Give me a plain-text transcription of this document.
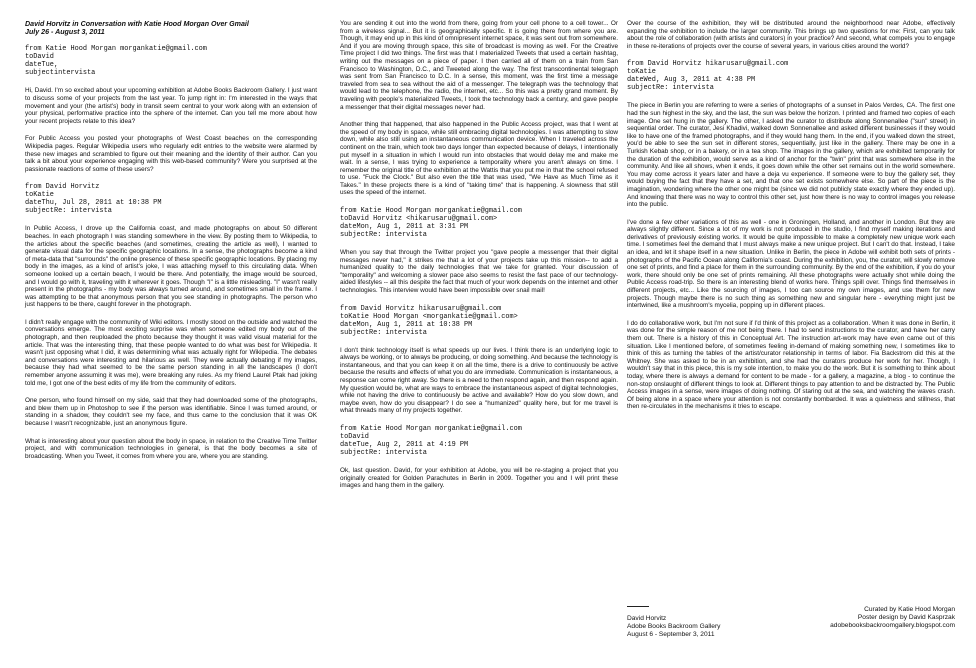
David Horvitz in Conversation with Katie Hood Morgan Over Gmail
July 26 - August 3, 2011
from Katie Hood Morgan morgankatie@gmail.com
toDavid
dateTue,
subjectintervista
Hi, David. I'm so excited about your upcoming exhibition at Adobe Books Backroom Gallery. I just want to discuss some of your projects from the last year. To jump right in: I'm interested in the ways that movement and your (the artist's) body in transit seem central to your work along with an extension of your physical, performative practice into the sphere of the internet. Can you tell me more about how your recent projects relate to this idea?
For Public Access you posted your photographs of West Coast beaches on the corresponding Wikipedia pages. Regular Wikipedia users who regularly edit entries to the website were alarmed by these new images and scrambled to figure out their meaning and the identity of their author. Can you talk a bit about your experience engaging with this web-based community? Were you surprised at the passionate reactions of some of these users?
from David Horvitz
toKatie
dateThu, Jul 28, 2011 at 10:38 PM
subjectRe: intervista
In Public Access, I drove up the California coast, and made photographs on about 50 different beaches. In each photograph I was standing somewhere in the view. By posting them to Wikipedia, to the articles about the specific beaches (and sometimes, creating the article as well), I wanted to generate visual data for the specific geographic locations. In a sense, the photographs become a kind of meta-data that "surrounds" the online presence of these specific geographic locations. By placing my body in the images, as a kind of artist's joke, I was attaching myself to this circulating data. When someone looked up a certain beach, I would be there. And potentially, the image would be sourced, and I would go with it, traveling with it wherever it goes. Though "I" is a little misleading. "I" wasn't really present in the photographs - my body was always turned around, and sometimes small in the frame. I was attempting to be that anonymous person that you see standing in photographs. The person who just happens to be there, caught forever in the photograph.
I didn't really engage with the community of Wiki editors. I mostly stood on the outside and watched the conversations emerge. The most exciting surprise was when someone edited my body out of the photograph, and then reuploaded the photo because they thought it was valid visual material for the article. That was the interesting thing, that these people wanted to do what was best for Wikipedia. It wasn't just opposing what I did, it was determining what was actually right for Wikipedia. The debates and conversations were interesting and hilarious as well. They were actually debating if my images, because they had what seemed to be the same person standing in all the landscapes (I don't remember anyone assuming it was me), were breaking any rules. As my friend Laurel Ptak had joking told me, I got one of the best edits of my life from the community of editors.
One person, who found himself on my side, said that they had downloaded some of the photographs, and blew them up in Photoshop to see if the person was identifiable. Since I was turned around, or standing in a shadow, they couldn't see my face, and thus came to the conclusion that it was OK because I wasn't recognizable, just an anonymous figure.
What is interesting about your question about the body in space, in relation to the Creative Time Twitter project, and with communication technologies in general, is that the body becomes a site of broadcasting. When you Tweet, it comes from where you are, where you are standing.
You are sending it out into the world from there, going from your cell phone to a cell tower... Or from a wireless signal... But it is geographically specific. It is going there from where you are. Though, it may end up in this kind of omnipresent internet space, it was sent out from somewhere. And if you are moving through space, this site of broadcast is moving as well. For the Creative Time project I did two things. The first was that I materialized Tweets that used a certain hashtag, writing out the messages on a piece of paper. I then carried all of them on a train from San Francisco to Washington, D.C., and Tweeted along the way. The first transcontinental telegraph was sent from San Francisco to D.C. In a sense, this moment, was the first time a message traveled from sea to sea without the aid of a messenger. The telegraph was the technology that would lead to the telephone, the radio, the internet, etc... So this was a pretty grand moment. By traveling with people's materialized Tweets, I took the technology back a century, and gave people a messenger that their digital messages never had.
Another thing that happened, that also happened in the Public Access project, was that I went at the speed of my body in space, while still embracing digital technologies. I was attempting to slow down, while also still using an instantaneous communication device. When I traveled across the continent on the train, which took two days longer than expected because of delays, I intentionally put myself in a situation in which I would run into obstacles that would delay me and make me wait. In a sense, I was trying to experience a temporality where you aren't always on time. I remember the original title of the exhibition at the Wattis that you put me in that the school refused to use. "Fuck the Clock." But also even the title that was used, "We Have as Much Time as it Takes." In these projects there is a kind of "taking time" that is happening. A slowness that still uses the speed of the internet.
from Katie Hood Morgan morgankatie@gmail.com
toDavid Horvitz <hikarusaru@gmail.com>
dateMon, Aug 1, 2011 at 3:31 PM
subjectRe: intervista
When you say that through the Twitter project you "gave people a messenger that their digital messages never had," it strikes me that a lot of your projects take up this mission-- to add a humanized quality to the daily technologies that we take for granted. Your discussion of "temporality" and welcoming a slower pace also seems to resist the fast pace of our technology-aided lifestyles -- all this despite the fact that much of your work depends on the internet and other technologies. This interview would have been impossible over snail mail!
from David Horvitz hikarusaru@gmail.com
toKatie Hood Morgan <morgankatie@gmail.com>
dateMon, Aug 1, 2011 at 10:38 PM
subjectRe: intervista
I don't think technology itself is what speeds up our lives. I think there is an underlying logic to always be working, or to always be producing, or doing something. And because the technology is instantaneous, and that you can keep it on all the time, there is a drive to continuously be active because the results and effects of what you do are immediate. Communication is instantaneous, a response can come right away. So there is a need to then respond again, and then respond again. My question would be, what are ways to embrace the instantaneous aspect of digital technologies, while not having the drive to continuously be active and available? How do you slow down, and maybe even, how do you disappear? I do see a "humanized" quality here, but for me travel is what threads many of my projects together.
from Katie Hood Morgan morgankatie@gmail.com
toDavid
dateTue, Aug 2, 2011 at 4:19 PM
subjectRe: intervista
Ok, last question. David, for your exhibition at Adobe, you will be re-staging a project that you originally created for Golden Parachutes in Berlin in 2009. Together you and I will print these images and hang them in the gallery.
Over the course of the exhibition, they will be distributed around the neighborhood near Adobe, effectively expanding the exhibition to include the larger community. This brings up two questions for me: First, can you talk about the role of collaboration (with artists and curators) in your practice? And second, what compels you to engage in these re-iterations of projects over the course of several years, in various cities around the world?
from David Horvitz hikarusaru@gmail.com
toKatie
dateWed, Aug 3, 2011 at 4:38 PM
subjectRe: intervista
The piece in Berlin you are referring to were a series of photographs of a sunset in Palos Verdes, CA. The first one had the sun highest in the sky, and the last, the sun was below the horizon. I printed and framed two copies of each image. One set hung in the gallery. The other, I asked the curator to distribute along Sonnenallee ("sun" street) in sequential order. The curator, Jesi Khadivi, walked down Sonnenallee and asked different businesses if they would like to have one of the framed photographs, and if they would hang them. In the end, if you walked down the street, you'd be able to see the sun set in different stores, sequentially, just like in the gallery. There may be one in a Turkish Kebab shop, or in a bakery, or in a tea shop. The images in the gallery, which are exhibited temporarily for the duration of the exhibition, would serve as a kind of anchor for the "twin" print that was somewhere else in the community. And like all shows, when it ends, it goes down while the other set remains out in the world somewhere. You may come across it years later and have a deja vu experience. If someone were to buy the gallery set, they would buying the fact that they have a set, and that one set exists somewhere else. So part of the piece is the imagination, wondering where the other one might be (since we did not publicly state exactly where they ended up). And knowing that there was no way to control this other set, just how there is no way to control images you release into the public.
I've done a few other variations of this as well - one in Groningen, Holland, and another in London. But they are always slightly different. Since a lot of my work is not produced in the studio, I find myself making iterations and derivatives of previously existing works. It would be quite impossible to make a completely new unique work each time. I sometimes feel the demand that I must always make a new unique project. But I can't do that. Instead, I take an idea, and let it shape itself in a new situation. Unlike in Berlin, the piece in Adobe will exhibit both sets of prints - photographs of the Pacific Ocean along California's coast. During the exhibition, you, the curator, will slowly remove one set of prints, and find a place for them in the surrounding community. By the end of the exhibition, if you do your work, there should only be one set of prints remaining. All these photographs were actually shot while doing the Public Access road-trip. So there is an interesting blend of works here. Things spill over. Things find themselves in different projects, etc... Like the sourcing of images, I too can source my own images, and use them for new projects. Though maybe there is no such thing as something new and singular here - everything might just be intertwined, like a mushroom's mycelia, popping up in different places.
I do do collaborative work, but I'm not sure if I'd think of this project as a collaboration. When it was done in Berlin, it was done for the simple reason of me not being there. I had to send instructions to the curator, and have her carry them out. There is a history of this in Conceptual Art. The instruction art-work may have even came out of this situation. Like I mentioned before, of sometimes feeling in-demand of making something new, I sometimes like to think of this as turning the tables of the artist/curator relationship in terms of labor. Fia Backstrom did this at the Whitney. She was asked to be in an exhibition, and she had the curators produce her work for her. Though, I wouldn't say that in this piece, this is my sole intention, to make you do the work. But it is something to think about today, where there is always a demand for content to be made - for a gallery, a magazine, a blog - to continue the non-stop onslaught of different things to look at. Different things to pay attention to and be distracted by. The Public Access images in a sense, were images of doing nothing. Of staring out at the sea, and watching the waves crash. Of being alone in a space where your attention is not constantly bombarded. It was a quietness and stillness, that then re-circulates in the mechanisms it tries to escape.
David Horvitz
Adobe Books Backroom Gallery
August 6 - September 3, 2011
Curated by Katie Hood Morgan
Poster design by David Kasprzak
adobebooksbackroomgallery.blogspot.com
